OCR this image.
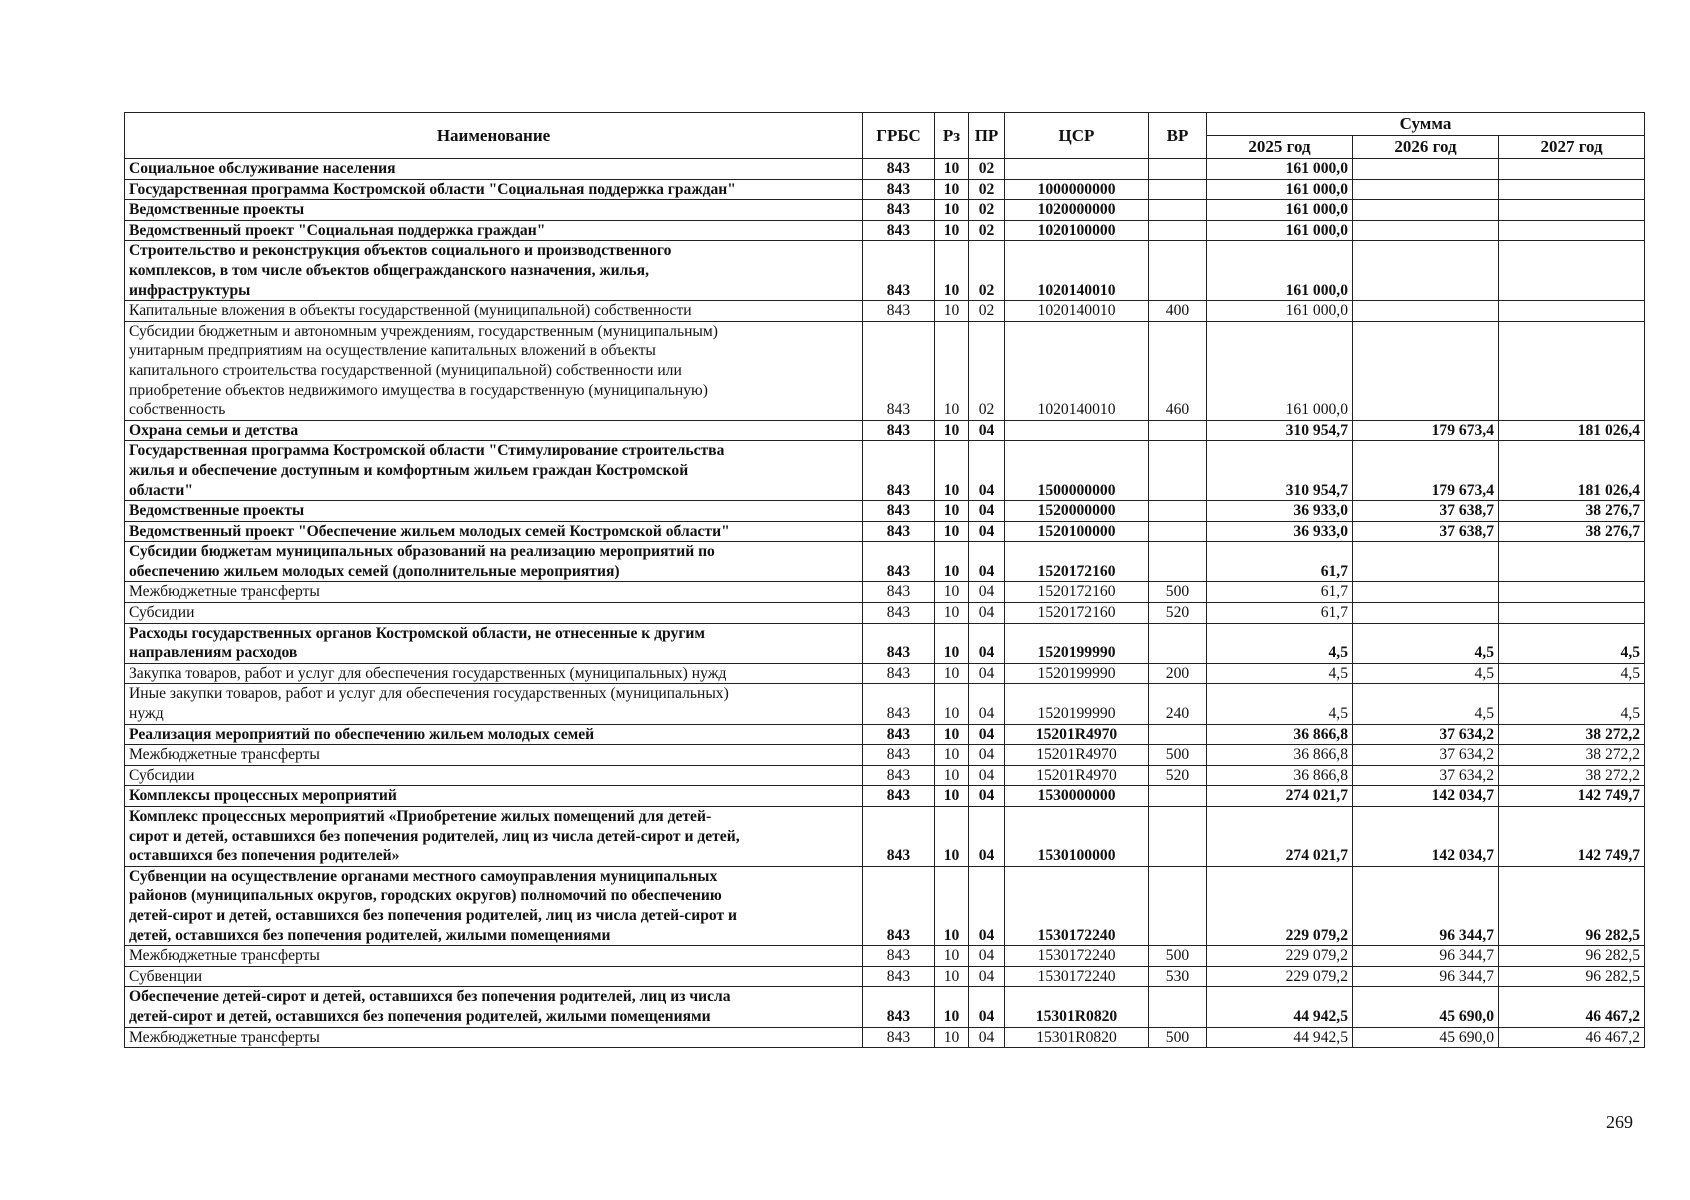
Наименование	ГРБС	Рз	ПР	ЦСР	ВР	Сумма		
						2025 год	2026 год	2027 год

Социальное обслуживание населения	843	10	02			161 000,0		

Государственная программа Костромской области "Социальная поддержка граждан"	843	10	02	1000000000		161 000,0		

Ведомственные проекты	843	10	02	1020000000		161 000,0		

Ведомственный проект "Социальная поддержка граждан"	843	10	02	1020100000		161 000,0		

Строительство и реконструкция объектов социального и производственного
комплексов, в том числе объектов общегражданского назначения, жилья,
инфраструктуры	843	10	02	1020140010		161 000,0		

Капитальные вложения в объекты государственной (муниципальной) собственности	843	10	02	1020140010	400	161 000,0		

Субсидии бюджетным и автономным учреждениям, государственным (муниципальным)
унитарным предприятиям на осуществление капитальных вложений в объекты
капитального строительства государственной (муниципальной) собственности или
приобретение объектов недвижимого имущества в государственную (муниципальную)
собственность	843	10	02	1020140010	460	161 000,0		

Охрана семьи и детства	843	10	04			310 954,7	179 673,4	181 026,4

Государственная программа Костромской области "Стимулирование строительства
жилья и обеспечение доступным и комфортным жильем граждан Костромской
области"	843	10	04	1500000000		310 954,7	179 673,4	181 026,4

Ведомственные проекты	843	10	04	1520000000		36 933,0	37 638,7	38 276,7

Ведомственный проект "Обеспечение жильем молодых семей Костромской области"	843	10	04	1520100000		36 933,0	37 638,7	38 276,7

Субсидии бюджетам муниципальных образований на реализацию мероприятий по
обеспечению жильем молодых семей (дополнительные мероприятия)	843	10	04	1520172160		61,7		

Межбюджетные трансферты	843	10	04	1520172160	500	61,7		

Субсидии	843	10	04	1520172160	520	61,7		

Расходы государственных органов Костромской области, не отнесенные к другим
направлениям расходов	843	10	04	1520199990		4,5	4,5	4,5

Закупка товаров, работ и услуг для обеспечения государственных (муниципальных) нужд	843	10	04	1520199990	200	4,5	4,5	4,5

Иные закупки товаров, работ и услуг для обеспечения государственных (муниципальных)
нужд	843	10	04	1520199990	240	4,5	4,5	4,5

Реализация мероприятий по обеспечению жильем молодых семей	843	10	04	15201R4970		36 866,8	37 634,2	38 272,2

Межбюджетные трансферты	843	10	04	15201R4970	500	36 866,8	37 634,2	38 272,2

Субсидии	843	10	04	15201R4970	520	36 866,8	37 634,2	38 272,2

Комплексы процессных мероприятий	843	10	04	1530000000		274 021,7	142 034,7	142 749,7

Комплекс процессных мероприятий «Приобретение жилых помещений для детей-
сирот и детей, оставшихся без попечения родителей, лиц из числа детей-сирот и детей,
оставшихся без попечения родителей»	843	10	04	1530100000		274 021,7	142 034,7	142 749,7

Субвенции на осуществление органами местного самоуправления муниципальных
районов (муниципальных округов, городских округов) полномочий по обеспечению
детей-сирот и детей, оставшихся без попечения родителей, лиц из числа детей-сирот и
детей, оставшихся без попечения родителей, жилыми помещениями	843	10	04	1530172240		229 079,2	96 344,7	96 282,5

Межбюджетные трансферты	843	10	04	1530172240	500	229 079,2	96 344,7	96 282,5

Субвенции	843	10	04	1530172240	530	229 079,2	96 344,7	96 282,5

Обеспечение детей-сирот и детей, оставшихся без попечения родителей, лиц из числа
детей-сирот и детей, оставшихся без попечения родителей, жилыми помещениями	843	10	04	15301R0820		44 942,5	45 690,0	46 467,2

Межбюджетные трансферты	843	10	04	15301R0820	500	44 942,5	45 690,0	46 467,2
269
